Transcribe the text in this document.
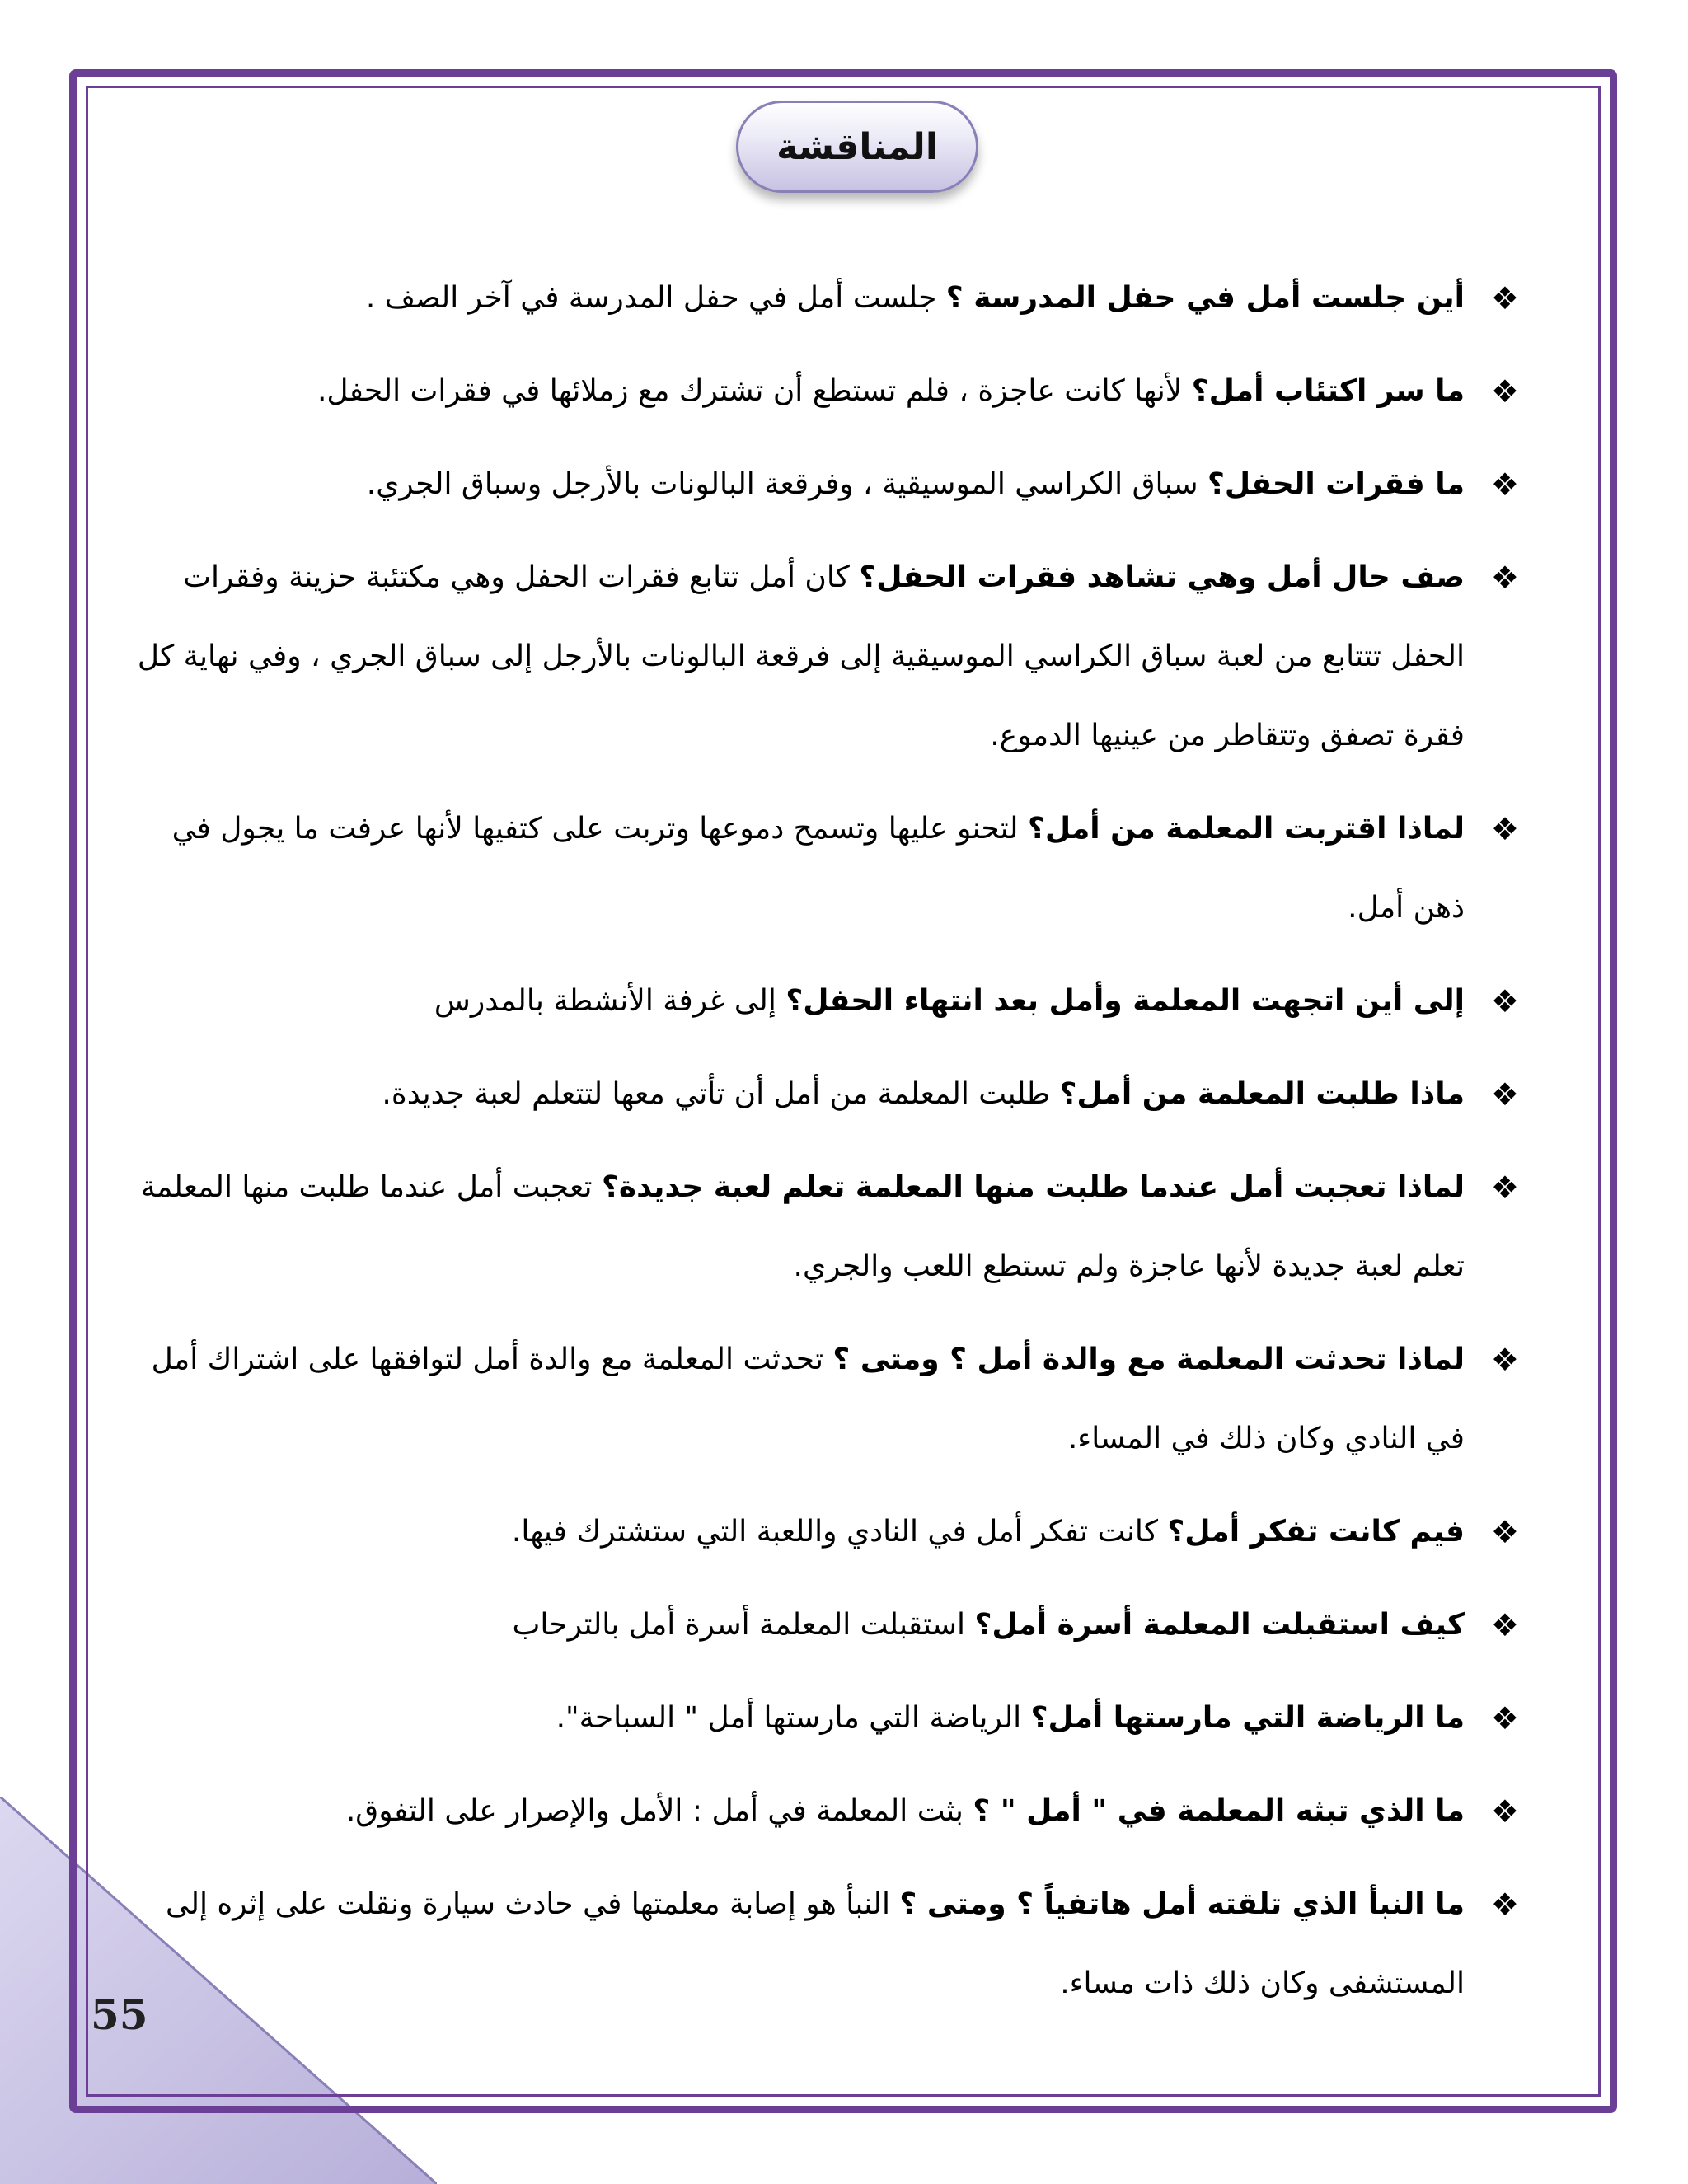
المناقشة
❖
أين جلست أمل في حفل المدرسة ؟ جلست أمل في حفل المدرسة في آخر الصف .
❖
ما سر اكتئاب أمل؟ لأنها كانت عاجزة ، فلم تستطع أن تشترك مع زملائها في فقرات الحفل.
❖
ما فقرات الحفل؟ سباق الكراسي الموسيقية ، وفرقعة البالونات بالأرجل وسباق الجري.
❖
صف حال أمل وهي تشاهد فقرات الحفل؟ كان أمل تتابع فقرات الحفل وهي مكتئبة حزينة وفقرات الحفل تتتابع من لعبة سباق الكراسي الموسيقية إلى فرقعة البالونات بالأرجل إلى سباق الجري ، وفي نهاية كل فقرة تصفق وتتقاطر من عينيها الدموع.
❖
لماذا اقتربت المعلمة من أمل؟ لتحنو عليها وتسمح دموعها وتربت على كتفيها لأنها عرفت ما يجول في ذهن أمل.
❖
إلى أين اتجهت المعلمة وأمل بعد انتهاء الحفل؟ إلى غرفة الأنشطة بالمدرس
❖
ماذا طلبت المعلمة من أمل؟ طلبت المعلمة من أمل أن تأتي معها لتتعلم لعبة جديدة.
❖
لماذا تعجبت أمل عندما طلبت منها المعلمة تعلم لعبة جديدة؟ تعجبت أمل عندما طلبت منها المعلمة تعلم لعبة جديدة لأنها عاجزة ولم تستطع اللعب والجري.
❖
لماذا تحدثت المعلمة مع والدة أمل ؟ ومتى ؟ تحدثت المعلمة مع والدة أمل لتوافقها على اشتراك أمل في النادي وكان ذلك في المساء.
❖
فيم كانت تفكر أمل؟ كانت تفكر أمل في النادي واللعبة التي ستشترك فيها.
❖
كيف استقبلت المعلمة أسرة أمل؟ استقبلت المعلمة أسرة أمل بالترحاب
❖
ما الرياضة التي مارستها أمل؟ الرياضة التي مارستها أمل " السباحة".
❖
ما الذي تبثه المعلمة في " أمل " ؟ بثت المعلمة في أمل : الأمل والإصرار على التفوق.
❖
ما النبأ الذي تلقته أمل هاتفياً ؟ ومتى ؟ النبأ هو إصابة معلمتها في حادث سيارة ونقلت على إثره إلى المستشفى وكان ذلك ذات مساء.
55
